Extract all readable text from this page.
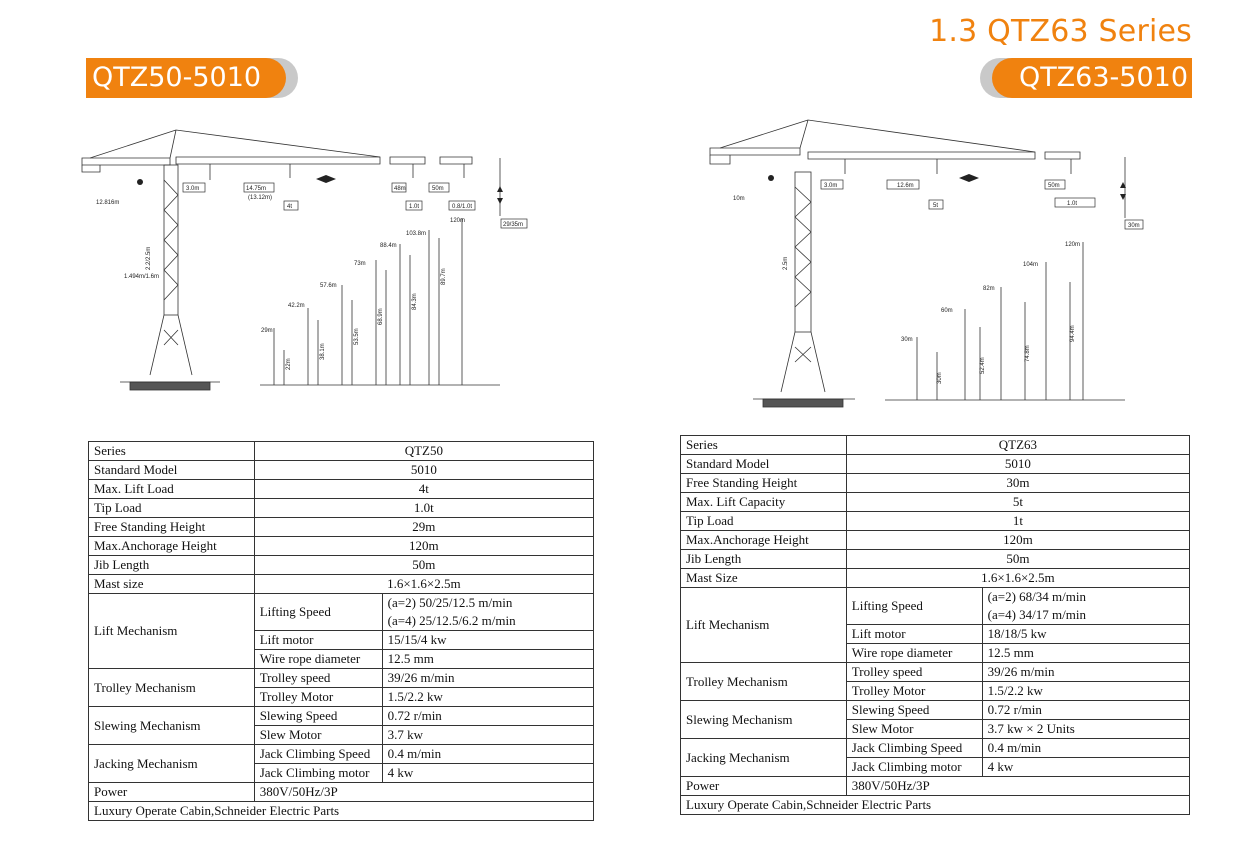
1.3 QTZ63 Series
QTZ50-5010	QTZ63-5010
12.816m
3.0m	14.75m
(13.12m)
4t
48m
1.0t
50m
0.8/1.0t
29/35m
2.2/2.5m
1.494m/1.6m
29m
42.2m
57.6m
73m
88.4m
103.8m
120m
22m
38.1m
53.5m
68.9m
84.3m
89.7m
10m
3.0m	12.6m
5t
50m
1.0t
30m
2.5m
30m
60m
82m
104m
120m
30m
52.4m
74.8m
94.4m
Series	QTZ50	
Standard Model	5010	
Max. Lift Load	4t	
Tip Load	1.0t	
Free Standing Height	29m	
Max.Anchorage Height	120m	
Jib Length	50m	
Mast size	1.6×1.6×2.5m	
Lift Mechanism	Lifting Speed	(a=2) 50/25/12.5 m/min
(a=4) 25/12.5/6.2 m/min

	Lift motor	15/15/4 kw
	Wire rope diameter	12.5 mm
Trolley Mechanism	Trolley speed	39/26 m/min
	Trolley Motor	1.5/2.2 kw
Slewing Mechanism	Slewing Speed	0.72 r/min
	Slew Motor	3.7 kw
Jacking Mechanism	Jack Climbing Speed	0.4 m/min
	Jack Climbing motor	4 kw
Power	380V/50Hz/3P	
Luxury Operate Cabin,Schneider Electric Parts		
Series	QTZ63	
Standard Model	5010	
Free Standing Height	30m	
Max. Lift Capacity	5t	
Tip Load	1t	
Max.Anchorage Height	120m	
Jib Length	50m	
Mast Size	1.6×1.6×2.5m	
Lift Mechanism	Lifting Speed	(a=2) 68/34 m/min
(a=4) 34/17 m/min

	Lift motor	18/18/5 kw
	Wire rope diameter	12.5 mm
Trolley Mechanism	Trolley speed	39/26 m/min
	Trolley Motor	1.5/2.2 kw
Slewing Mechanism	Slewing Speed	0.72 r/min
	Slew Motor	3.7 kw × 2 Units
Jacking Mechanism	Jack Climbing Speed	0.4 m/min
	Jack Climbing motor	4 kw
Power	380V/50Hz/3P	
Luxury Operate Cabin,Schneider Electric Parts		
